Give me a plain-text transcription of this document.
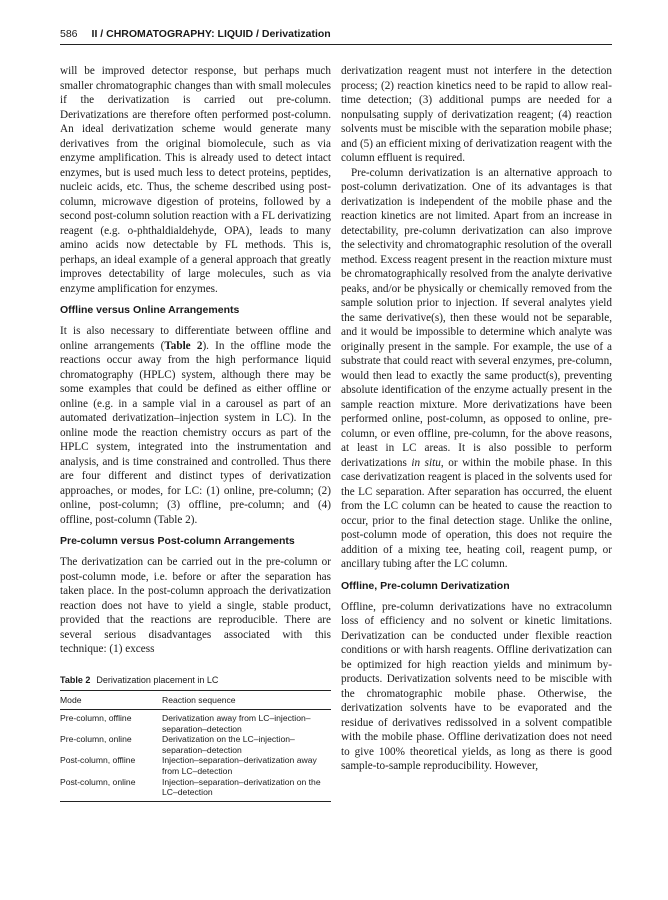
586 II / CHROMATOGRAPHY: LIQUID / Derivatization

will be improved detector response, but perhaps much smaller chromatographic changes than with small molecules if the derivatization is carried out pre-column. Derivatizations are therefore often performed post-column. An ideal derivatization scheme would generate many derivatives from the original biomolecule, such as via enzyme amplification. This is already used to detect intact enzymes, but is used much less to detect proteins, peptides, nucleic acids, etc. Thus, the scheme described using post-column, microwave digestion of proteins, followed by a second post-column solution reaction with a FL derivatizing reagent (e.g. o-phthaldialdehyde, OPA), leads to many amino acids now detectable by FL methods. This is, perhaps, an ideal example of a general approach that greatly improves detectability of large molecules, such as via enzyme amplification for enzymes.

Offline versus Online Arrangements

It is also necessary to differentiate between offline and online arrangements (Table 2). In the offline mode the reactions occur away from the high performance liquid chromatography (HPLC) system, although there may be some examples that could be defined as either offline or online (e.g. in a sample vial in a carousel as part of an automated derivatization–injection system in LC). In the online mode the reaction chemistry occurs as part of the HPLC system, integrated into the instrumentation and analysis, and is time constrained and controlled. Thus there are four different and distinct types of derivatization approaches, or modes, for LC: (1) online, pre-column; (2) online, post-column; (3) offline, pre-column; and (4) offline, post-column (Table 2).

Pre-column versus Post-column Arrangements

The derivatization can be carried out in the pre-column or post-column mode, i.e. before or after the separation has taken place. In the post-column approach the derivatization reaction does not have to yield a single, stable product, provided that the reactions are reproducible. There are several serious disadvantages associated with this technique: (1) excess

Table 2 Derivatization placement in LC
Mode	Reaction sequence
Pre-column, offline	Derivatization away from LC–injection–separation–detection
Pre-column, online	Derivatization on the LC–injection–separation–detection
Post-column, offline	Injection–separation–derivatization away from LC–detection
Post-column, online	Injection–separation–derivatization on the LC–detection

derivatization reagent must not interfere in the detection process; (2) reaction kinetics need to be rapid to allow real-time detection; (3) additional pumps are needed for a nonpulsating supply of derivatization reagent; (4) reaction solvents must be miscible with the separation mobile phase; and (5) an efficient mixing of derivatization reagent with the column effluent is required.

Pre-column derivatization is an alternative approach to post-column derivatization. One of its advantages is that derivatization is independent of the mobile phase and the reaction kinetics are not limited. Apart from an increase in detectability, pre-column derivatization can also improve the selectivity and chromatographic resolution of the overall method. Excess reagent present in the reaction mixture must be chromatographically resolved from the analyte derivative peaks, and/or be physically or chemically removed from the sample solution prior to injection. If several analytes yield the same derivative(s), then these would not be separable, and it would be impossible to determine which analyte was originally present in the sample. For example, the use of a substrate that could react with several enzymes, pre-column, would then lead to exactly the same product(s), preventing absolute identification of the enzyme actually present in the sample reaction mixture. More derivatizations have been performed online, post-column, as opposed to online, pre-column, or even offline, pre-column, for the above reasons, at least in LC areas. It is also possible to perform derivatizations in situ, or within the mobile phase. In this case derivatization reagent is placed in the solvents used for the LC separation. After separation has occurred, the eluent from the LC column can be heated to cause the reaction to occur, prior to the final detection stage. Unlike the online, post-column mode of operation, this does not require the addition of a mixing tee, heating coil, reagent pump, or ancillary tubing after the LC column.

Offline, Pre-column Derivatization

Offline, pre-column derivatizations have no extracolumn loss of efficiency and no solvent or kinetic limitations. Derivatization can be conducted under flexible reaction conditions or with harsh reagents. Offline derivatization can be optimized for high reaction yields and minimum by-products. Derivatization solvents need to be miscible with the chromatographic mobile phase. Otherwise, the derivatization solvents have to be evaporated and the residue of derivatives redissolved in a solvent compatible with the mobile phase. Offline derivatization does not need to give 100% theoretical yields, as long as there is good sample-to-sample reproducibility. However,
